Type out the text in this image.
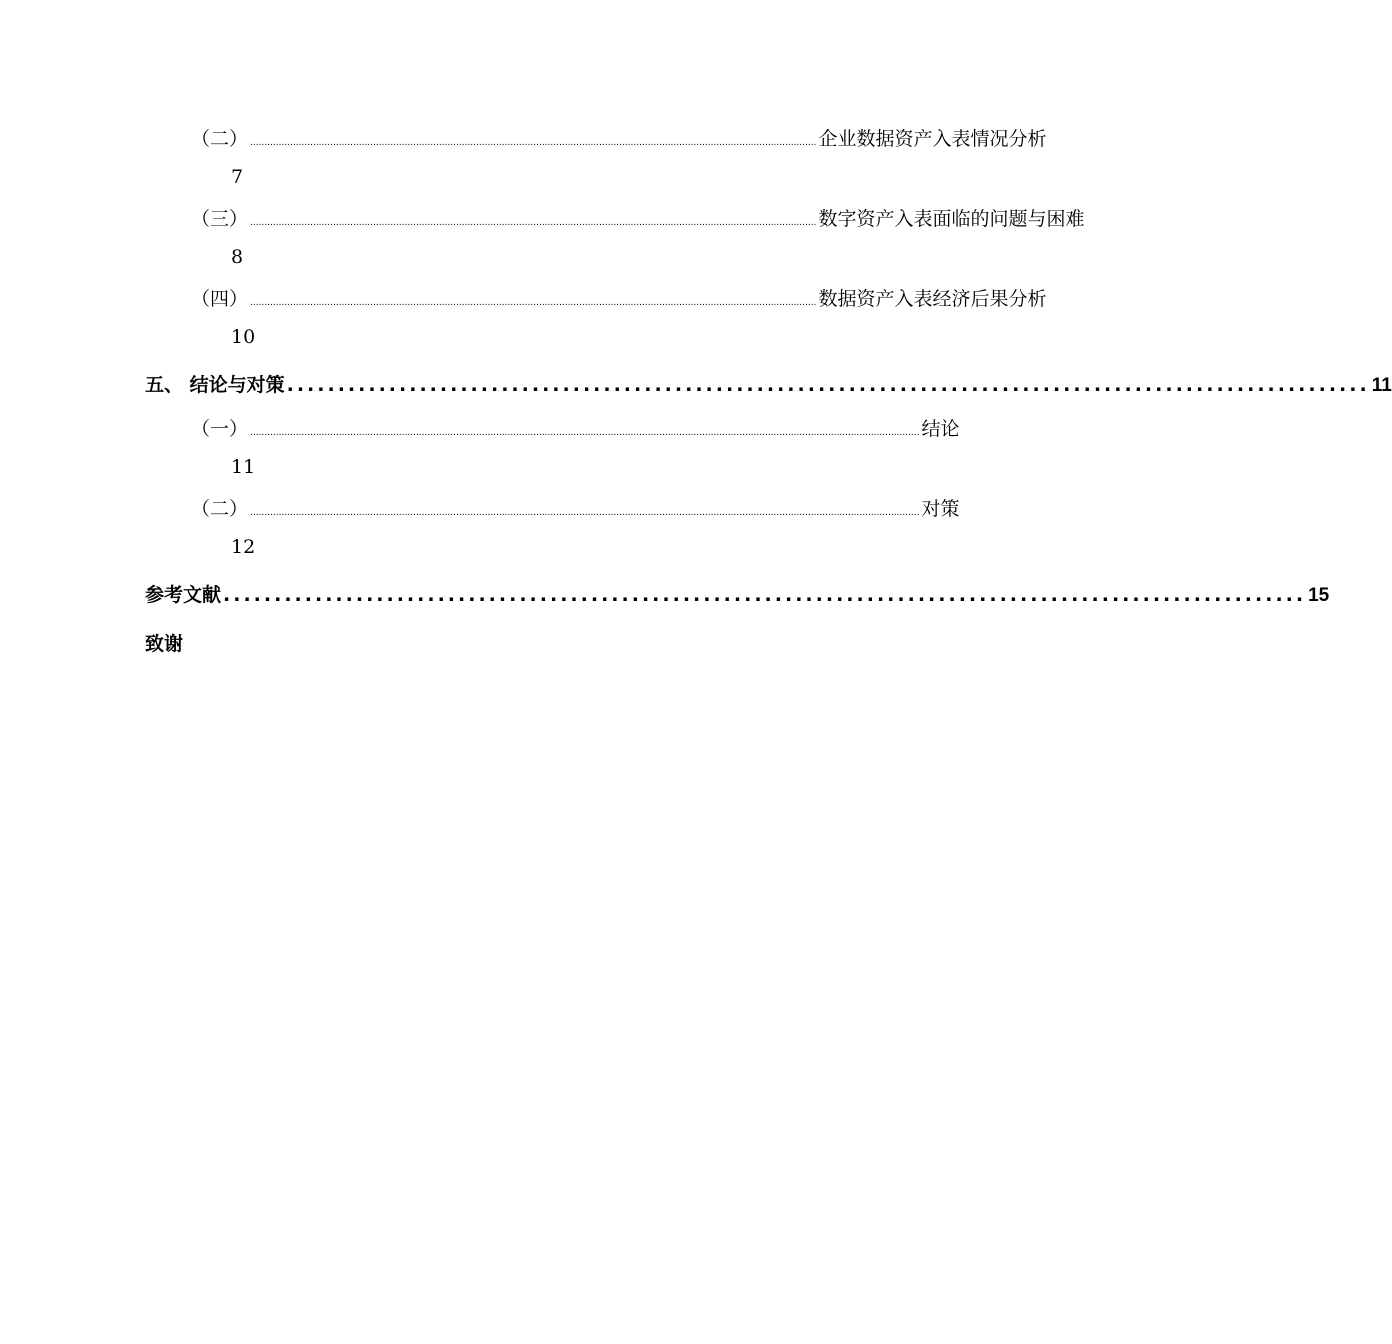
（二） ...................................................................................................................................................................................................... 企业数据资产入表情况分析
7
（三） ...................................................................................................................................................................................................... 数字资产入表面临的问题与困难
8
（四） ...................................................................................................................................................................................................... 数据资产入表经济后果分析
10
五、 结论与对策 .......................................................................................................... 11
（一） .......................................................................................................................................................................................................................................... 结论
11
（二） .......................................................................................................................................................................................................................................... 对策
12
参考文献 .......................................................................................................... 15
致谢
